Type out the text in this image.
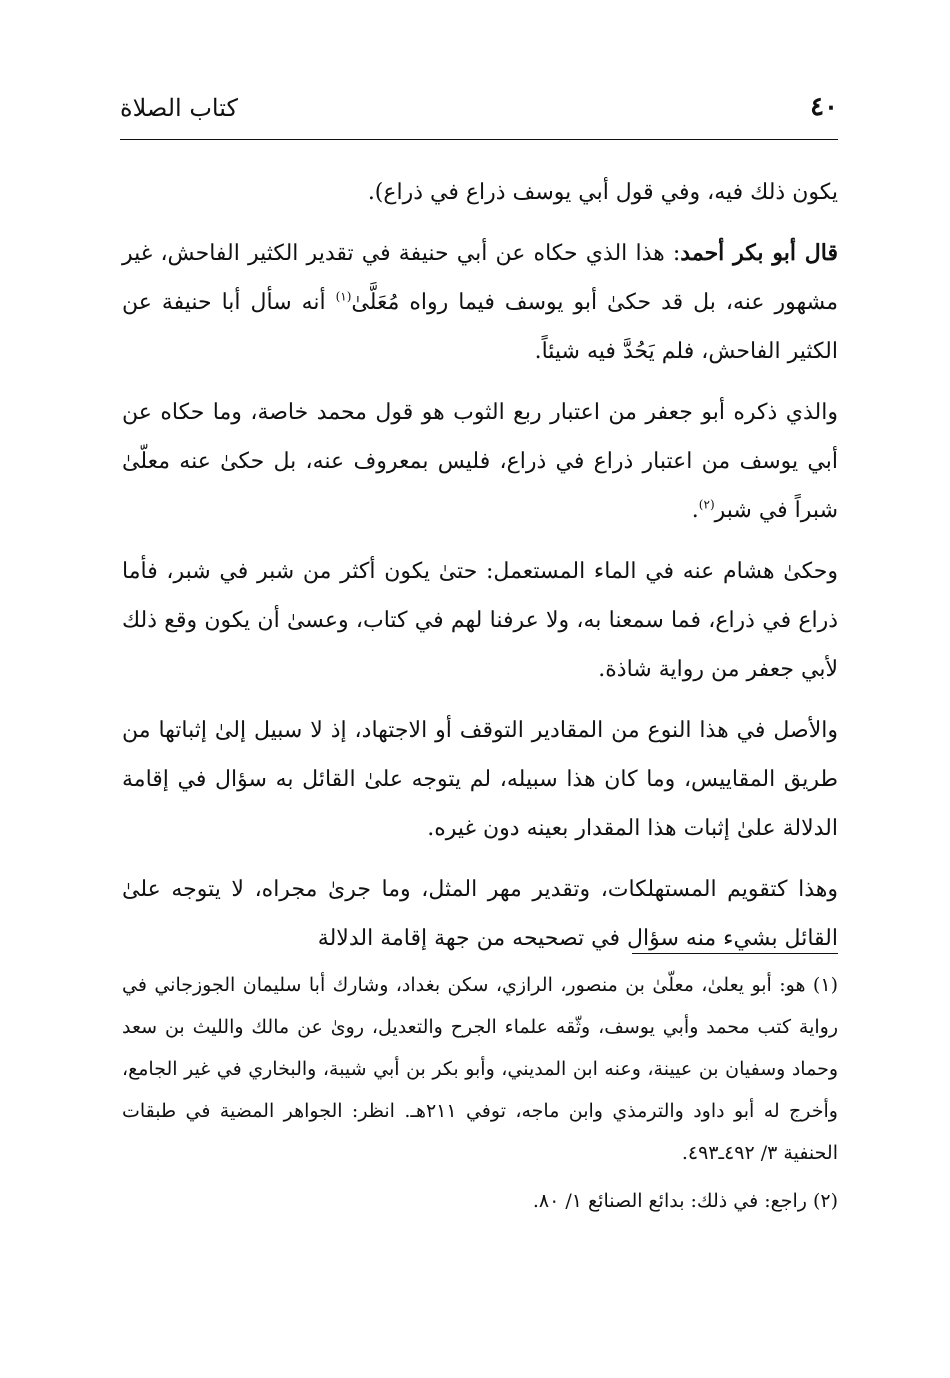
٤٠
كتاب الصلاة

يكون ذلك فيه، وفي قول أبي يوسف ذراع في ذراع).

قال أبو بكر أحمد: هذا الذي حكاه عن أبي حنيفة في تقدير الكثير الفاحش، غير مشهور عنه، بل قد حكىٰ أبو يوسف فيما رواه مُعَلَّىٰ$^{(١)}$ أنه سأل أبا حنيفة عن الكثير الفاحش، فلم يَحُدَّ فيه شيئاً.

والذي ذكره أبو جعفر من اعتبار ربع الثوب هو قول محمد خاصة، وما حكاه عن أبي يوسف من اعتبار ذراع في ذراع، فليس بمعروف عنه، بل حكىٰ عنه معلّىٰ شبراً في شبر$^{(٢)}$.

وحكىٰ هشام عنه في الماء المستعمل: حتىٰ يكون أكثر من شبر في شبر، فأما ذراع في ذراع، فما سمعنا به، ولا عرفنا لهم في كتاب، وعسىٰ أن يكون وقع ذلك لأبي جعفر من رواية شاذة.

والأصل في هذا النوع من المقادير التوقف أو الاجتهاد، إذ لا سبيل إلىٰ إثباتها من طريق المقاييس، وما كان هذا سبيله، لم يتوجه علىٰ القائل به سؤال في إقامة الدلالة علىٰ إثبات هذا المقدار بعينه دون غيره.

وهذا كتقويم المستهلكات، وتقدير مهر المثل، وما جرىٰ مجراه، لا يتوجه علىٰ القائل بشيء منه سؤال في تصحيحه من جهة إقامة الدلالة

(١) هو: أبو يعلىٰ، معلّىٰ بن منصور، الرازي، سكن بغداد، وشارك أبا سليمان الجوزجاني في رواية كتب محمد وأبي يوسف، وثّقه علماء الجرح والتعديل، روىٰ عن مالك والليث بن سعد وحماد وسفيان بن عيينة، وعنه ابن المديني، وأبو بكر بن أبي شيبة، والبخاري في غير الجامع، وأخرج له أبو داود والترمذي وابن ماجه، توفي ٢١١هـ. انظر: الجواهر المضية في طبقات الحنفية ٣/ ٤٩٢ـ٤٩٣.

(٢) راجع: في ذلك: بدائع الصنائع ١/ ٨٠.
